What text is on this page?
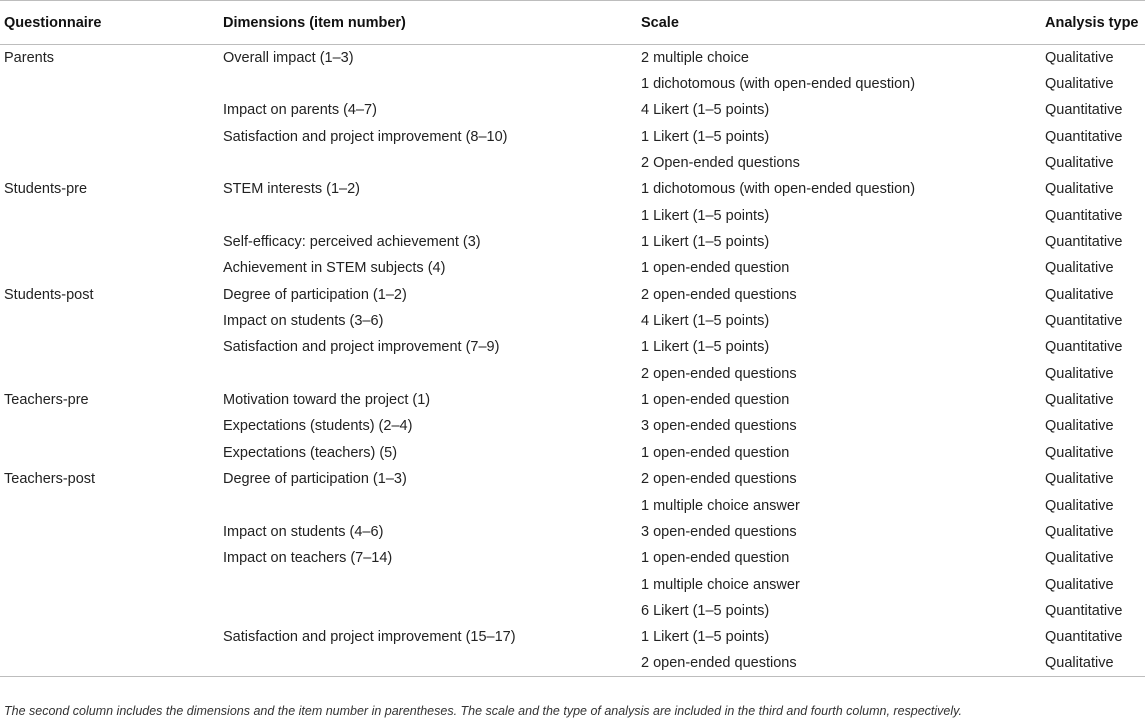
Questionnaire	Dimensions (item number)	Scale	Analysis type
Parents	Overall impact (1–3)	2 multiple choice	Qualitative
		1 dichotomous (with open-ended question)	Qualitative
	Impact on parents (4–7)	4 Likert (1–5 points)	Quantitative
	Satisfaction and project improvement (8–10)	1 Likert (1–5 points)	Quantitative
		2 Open-ended questions	Qualitative
Students-pre	STEM interests (1–2)	1 dichotomous (with open-ended question)	Qualitative
		1 Likert (1–5 points)	Quantitative
	Self-efficacy: perceived achievement (3)	1 Likert (1–5 points)	Quantitative
	Achievement in STEM subjects (4)	1 open-ended question	Qualitative
Students-post	Degree of participation (1–2)	2 open-ended questions	Qualitative
	Impact on students (3–6)	4 Likert (1–5 points)	Quantitative
	Satisfaction and project improvement (7–9)	1 Likert (1–5 points)	Quantitative
		2 open-ended questions	Qualitative
Teachers-pre	Motivation toward the project (1)	1 open-ended question	Qualitative
	Expectations (students) (2–4)	3 open-ended questions	Qualitative
	Expectations (teachers) (5)	1 open-ended question	Qualitative
Teachers-post	Degree of participation (1–3)	2 open-ended questions	Qualitative
		1 multiple choice answer	Qualitative
	Impact on students (4–6)	3 open-ended questions	Qualitative
	Impact on teachers (7–14)	1 open-ended question	Qualitative
		1 multiple choice answer	Qualitative
		6 Likert (1–5 points)	Quantitative
	Satisfaction and project improvement (15–17)	1 Likert (1–5 points)	Quantitative
		2 open-ended questions	Qualitative
The second column includes the dimensions and the item number in parentheses. The scale and the type of analysis are included in the third and fourth column, respectively.
